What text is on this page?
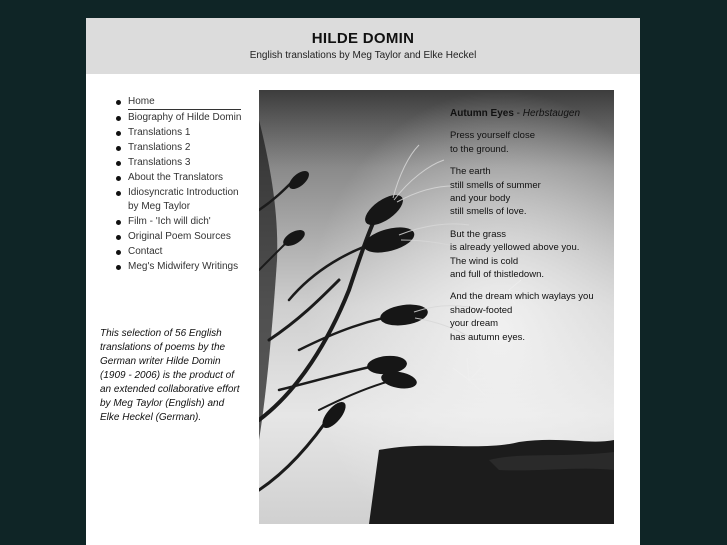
HILDE DOMIN
English translations by Meg Taylor and Elke Heckel
Home
Biography of Hilde Domin
Translations 1
Translations 2
Translations 3
About the Translators
Idiosyncratic Introduction by Meg Taylor
Film - 'Ich will dich'
Original Poem Sources
Contact
Meg's Midwifery Writings
This selection of 56 English translations of poems by the German writer Hilde Domin (1909 - 2006) is the product of an extended collaborative effort by Meg Taylor (English) and Elke Heckel (German).
Autumn Eyes - Herbstaugen
Press yourself close
to the ground.
The earth
still smells of summer
and your body
still smells of love.
But the grass
is already yellowed above you.
The wind is cold
and full of thistledown.
And the dream which waylays you
shadow-footed
your dream
has autumn eyes.
